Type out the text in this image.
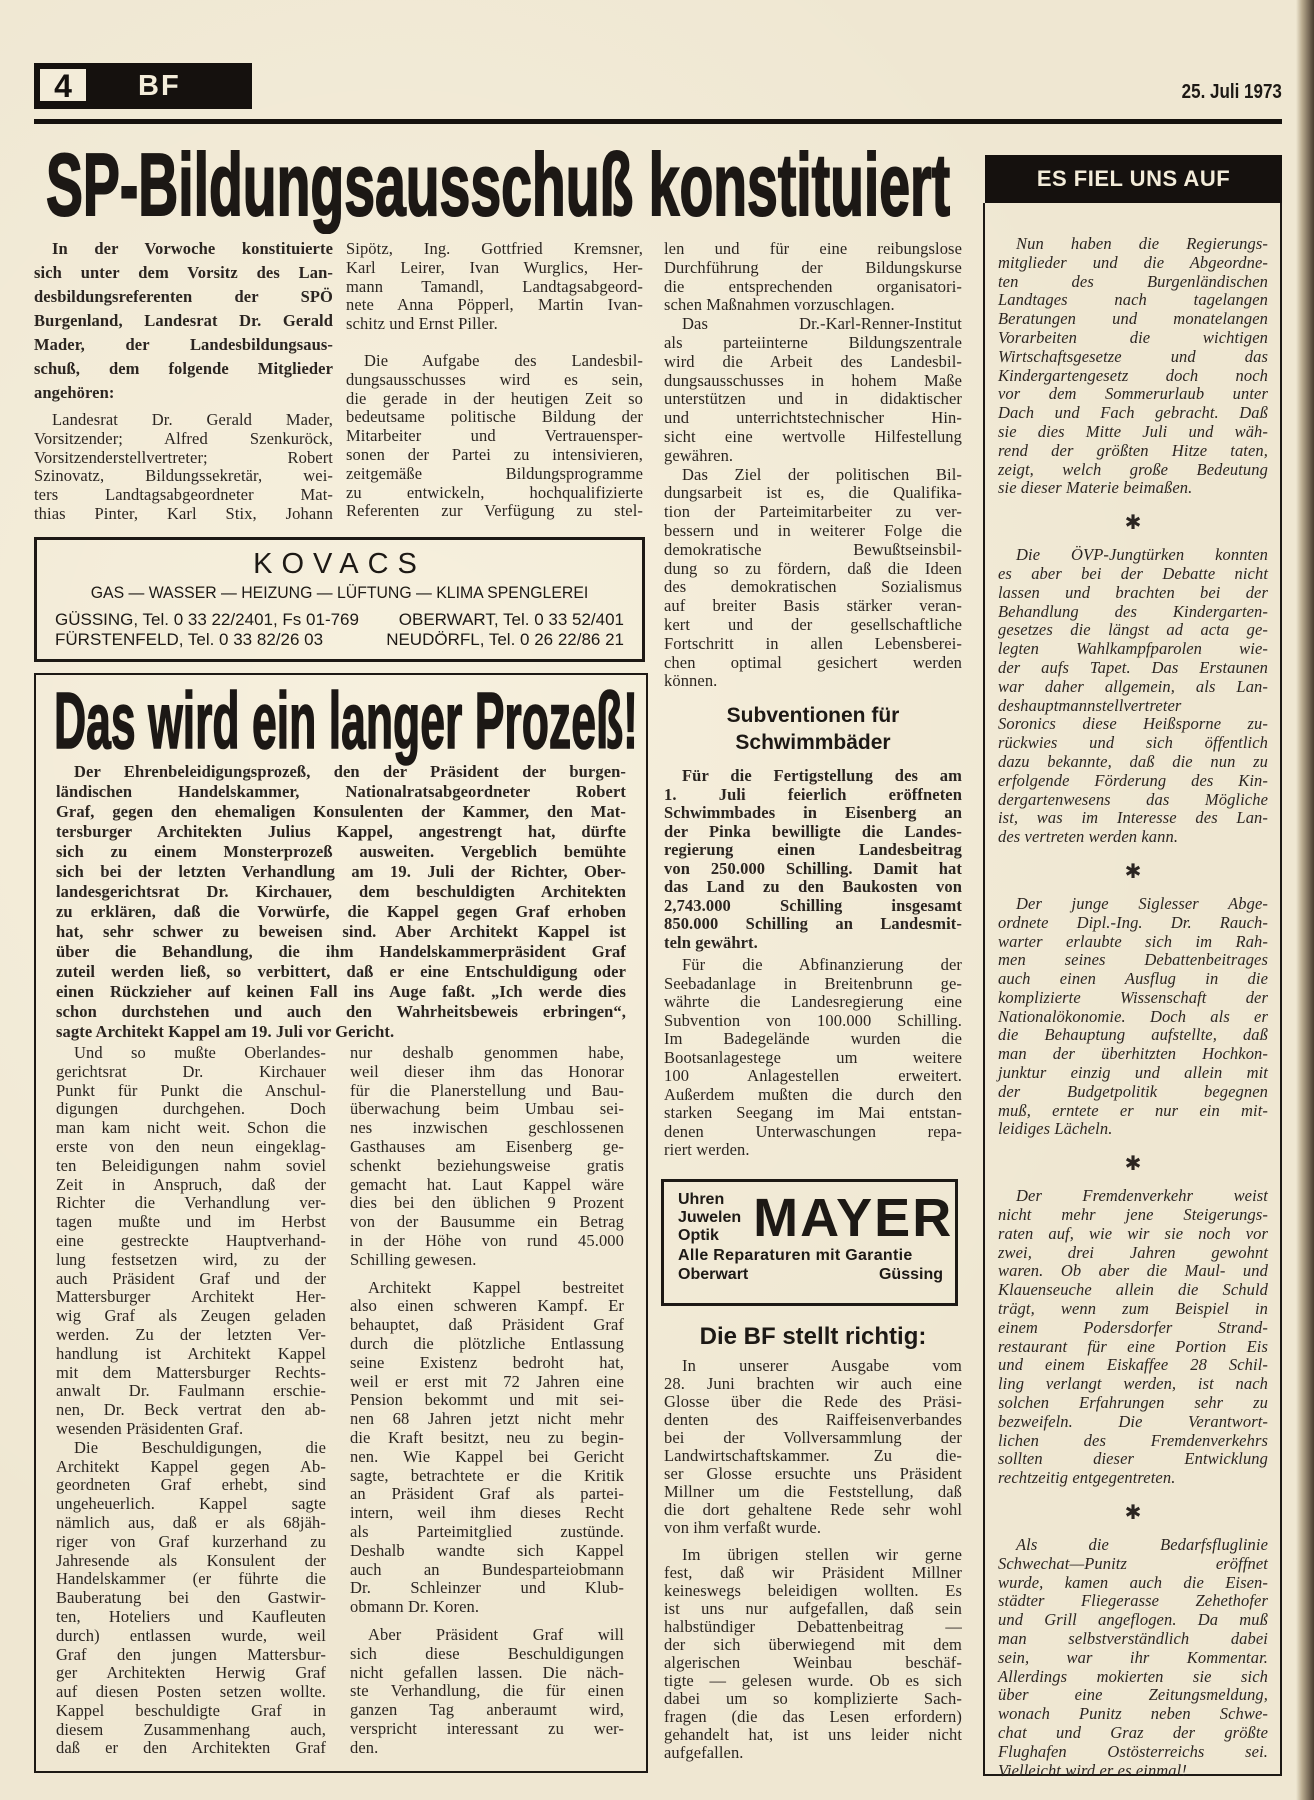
4	BF	25. Juli 1973
SP-Bildungsausschuß konstituiert
In der Vorwoche konstituierte
sich unter dem Vorsitz des Lan-
desbildungsreferenten der SPÖ
Burgenland, Landesrat Dr. Gerald
Mader, der Landesbildungsaus-
schuß, dem folgende Mitglieder
angehören:
Landesrat Dr. Gerald Mader,
Vorsitzender; Alfred Szenkuröck,
Vorsitzenderstellvertreter; Robert
Szinovatz, Bildungssekretär, wei-
ters Landtagsabgeordneter Mat-
thias Pinter, Karl Stix, Johann
Sipötz, Ing. Gottfried Kremsner,
Karl Leirer, Ivan Wurglics, Her-
mann Tamandl, Landtagsabgeord-
nete Anna Pöpperl, Martin Ivan-
schitz und Ernst Piller.
Die Aufgabe des Landesbil-
dungsausschusses wird es sein,
die gerade in der heutigen Zeit so
bedeutsame politische Bildung der
Mitarbeiter und Vertrauensper-
sonen der Partei zu intensivieren,
zeitgemäße Bildungsprogramme
zu entwickeln, hochqualifizierte
Referenten zur Verfügung zu stel-
len und für eine reibungslose
Durchführung der Bildungskurse
die entsprechenden organisatori-
schen Maßnahmen vorzuschlagen.
Das Dr.-Karl-Renner-Institut
als parteiinterne Bildungszentrale
wird die Arbeit des Landesbil-
dungsausschusses in hohem Maße
unterstützen und in didaktischer
und unterrichtstechnischer Hin-
sicht eine wertvolle Hilfestellung
gewähren.
Das Ziel der politischen Bil-
dungsarbeit ist es, die Qualifika-
tion der Parteimitarbeiter zu ver-
bessern und in weiterer Folge die
demokratische Bewußtseinsbil-
dung so zu fördern, daß die Ideen
des demokratischen Sozialismus
auf breiter Basis stärker veran-
kert und der gesellschaftliche
Fortschritt in allen Lebensberei-
chen optimal gesichert werden
können.
KOVACS
GAS — WASSER — HEIZUNG — LÜFTUNG — KLIMA SPENGLEREI
GÜSSING, Tel. 0 33 22/2401, Fs 01-769 OBERWART, Tel. 0 33 52/401
FÜRSTENFELD, Tel. 0 33 82/26 03	NEUDÖRFL, Tel. 0 26 22/86 21
Das wird ein langer Prozeß!
Der Ehrenbeleidigungsprozeß, den der Präsident der burgen-
ländischen Handelskammer, Nationalratsabgeordneter Robert
Graf, gegen den ehemaligen Konsulenten der Kammer, den Mat-
tersburger Architekten Julius Kappel, angestrengt hat, dürfte
sich zu einem Monsterprozeß ausweiten. Vergeblich bemühte
sich bei der letzten Verhandlung am 19. Juli der Richter, Ober-
landesgerichtsrat Dr. Kirchauer, dem beschuldigten Architekten
zu erklären, daß die Vorwürfe, die Kappel gegen Graf erhoben
hat, sehr schwer zu beweisen sind. Aber Architekt Kappel ist
über die Behandlung, die ihm Handelskammerpräsident Graf
zuteil werden ließ, so verbittert, daß er eine Entschuldigung oder
einen Rückzieher auf keinen Fall ins Auge faßt. „Ich werde dies
schon durchstehen und auch den Wahrheitsbeweis erbringen“,
sagte Architekt Kappel am 19. Juli vor Gericht.
Und so mußte Oberlandes-
gerichtsrat Dr. Kirchauer
Punkt für Punkt die Anschul-
digungen durchgehen. Doch
man kam nicht weit. Schon die
erste von den neun eingeklag-
ten Beleidigungen nahm soviel
Zeit in Anspruch, daß der
Richter die Verhandlung ver-
tagen mußte und im Herbst
eine gestreckte Hauptverhand-
lung festsetzen wird, zu der
auch Präsident Graf und der
Mattersburger Architekt Her-
wig Graf als Zeugen geladen
werden. Zu der letzten Ver-
handlung ist Architekt Kappel
mit dem Mattersburger Rechts-
anwalt Dr. Faulmann erschie-
nen, Dr. Beck vertrat den ab-
wesenden Präsidenten Graf.
Die Beschuldigungen, die
Architekt Kappel gegen Ab-
geordneten Graf erhebt, sind
ungeheuerlich. Kappel sagte
nämlich aus, daß er als 68jäh-
riger von Graf kurzerhand zu
Jahresende als Konsulent der
Handelskammer (er führte die
Bauberatung bei den Gastwir-
ten, Hoteliers und Kaufleuten
durch) entlassen wurde, weil
Graf den jungen Mattersbur-
ger Architekten Herwig Graf
auf diesen Posten setzen wollte.
Kappel beschuldigte Graf in
diesem Zusammenhang auch,
daß er den Architekten Graf
nur deshalb genommen habe,
weil dieser ihm das Honorar
für die Planerstellung und Bau-
überwachung beim Umbau sei-
nes inzwischen geschlossenen
Gasthauses am Eisenberg ge-
schenkt beziehungsweise gratis
gemacht hat. Laut Kappel wäre
dies bei den üblichen 9 Prozent
von der Bausumme ein Betrag
in der Höhe von rund 45.000
Schilling gewesen.
Architekt Kappel bestreitet
also einen schweren Kampf. Er
behauptet, daß Präsident Graf
durch die plötzliche Entlassung
seine Existenz bedroht hat,
weil er erst mit 72 Jahren eine
Pension bekommt und mit sei-
nen 68 Jahren jetzt nicht mehr
die Kraft besitzt, neu zu begin-
nen. Wie Kappel bei Gericht
sagte, betrachtete er die Kritik
an Präsident Graf als partei-
intern, weil ihm dieses Recht
als Parteimitglied zustünde.
Deshalb wandte sich Kappel
auch an Bundesparteiobmann
Dr. Schleinzer und Klub-
obmann Dr. Koren.
Aber Präsident Graf will
sich diese Beschuldigungen
nicht gefallen lassen. Die näch-
ste Verhandlung, die für einen
ganzen Tag anberaumt wird,
verspricht interessant zu wer-
den.
Subventionen für
Schwimmbäder
Für die Fertigstellung des am
1. Juli feierlich eröffneten
Schwimmbades in Eisenberg an
der Pinka bewilligte die Landes-
regierung einen Landesbeitrag
von 250.000 Schilling. Damit hat
das Land zu den Baukosten von
2,743.000 Schilling insgesamt
850.000 Schilling an Landesmit-
teln gewährt.
Für die Abfinanzierung der
Seebadanlage in Breitenbrunn ge-
währte die Landesregierung eine
Subvention von 100.000 Schilling.
Im Badegelände wurden die
Bootsanlagestege um weitere
100 Anlagestellen erweitert.
Außerdem mußten die durch den
starken Seegang im Mai entstan-
denen Unterwaschungen repa-
riert werden.
Uhren
Juwelen
Optik MAYER
Alle Reparaturen mit Garantie
Oberwart	Güssing
Die BF stellt richtig:
In unserer Ausgabe vom
28. Juni brachten wir auch eine
Glosse über die Rede des Präsi-
denten des Raiffeisenverbandes
bei der Vollversammlung der
Landwirtschaftskammer. Zu die-
ser Glosse ersuchte uns Präsident
Millner um die Feststellung, daß
die dort gehaltene Rede sehr wohl
von ihm verfaßt wurde.
Im übrigen stellen wir gerne
fest, daß wir Präsident Millner
keineswegs beleidigen wollten. Es
ist uns nur aufgefallen, daß sein
halbstündiger Debattenbeitrag —
der sich überwiegend mit dem
algerischen Weinbau beschäf-
tigte — gelesen wurde. Ob es sich
dabei um so komplizierte Sach-
fragen (die das Lesen erfordern)
gehandelt hat, ist uns leider nicht
aufgefallen.
ES FIEL UNS AUF
Nun haben die Regierungs-
mitglieder und die Abgeordne-
ten des Burgenländischen
Landtages nach tagelangen
Beratungen und monatelangen
Vorarbeiten die wichtigen
Wirtschaftsgesetze und das
Kindergartengesetz doch noch
vor dem Sommerurlaub unter
Dach und Fach gebracht. Daß
sie dies Mitte Juli und wäh-
rend der größten Hitze taten,
zeigt, welch große Bedeutung
sie dieser Materie beimaßen.
✱
Die ÖVP-Jungtürken konnten
es aber bei der Debatte nicht
lassen und brachten bei der
Behandlung des Kindergarten-
gesetzes die längst ad acta ge-
legten Wahlkampfparolen wie-
der aufs Tapet. Das Erstaunen
war daher allgemein, als Lan-
deshauptmannstellvertreter
Soronics diese Heißsporne zu-
rückwies und sich öffentlich
dazu bekannte, daß die nun zu
erfolgende Förderung des Kin-
dergartenwesens das Mögliche
ist, was im Interesse des Lan-
des vertreten werden kann.
✱
Der junge Siglesser Abge-
ordnete Dipl.-Ing. Dr. Rauch-
warter erlaubte sich im Rah-
men seines Debattenbeitrages
auch einen Ausflug in die
komplizierte Wissenschaft der
Nationalökonomie. Doch als er
die Behauptung aufstellte, daß
man der überhitzten Hochkon-
junktur einzig und allein mit
der Budgetpolitik begegnen
muß, erntete er nur ein mit-
leidiges Lächeln.
✱
Der Fremdenverkehr weist
nicht mehr jene Steigerungs-
raten auf, wie wir sie noch vor
zwei, drei Jahren gewohnt
waren. Ob aber die Maul- und
Klauenseuche allein die Schuld
trägt, wenn zum Beispiel in
einem Podersdorfer Strand-
restaurant für eine Portion Eis
und einem Eiskaffee 28 Schil-
ling verlangt werden, ist nach
solchen Erfahrungen sehr zu
bezweifeln. Die Verantwort-
lichen des Fremdenverkehrs
sollten dieser Entwicklung
rechtzeitig entgegentreten.
✱
Als die Bedarfsfluglinie
Schwechat—Punitz eröffnet
wurde, kamen auch die Eisen-
städter Fliegerasse Zehethofer
und Grill angeflogen. Da muß
man selbstverständlich dabei
sein, war ihr Kommentar.
Allerdings mokierten sie sich
über eine Zeitungsmeldung,
wonach Punitz neben Schwe-
chat und Graz der größte
Flughafen Ostösterreichs sei.
Vielleicht wird er es einmal!
